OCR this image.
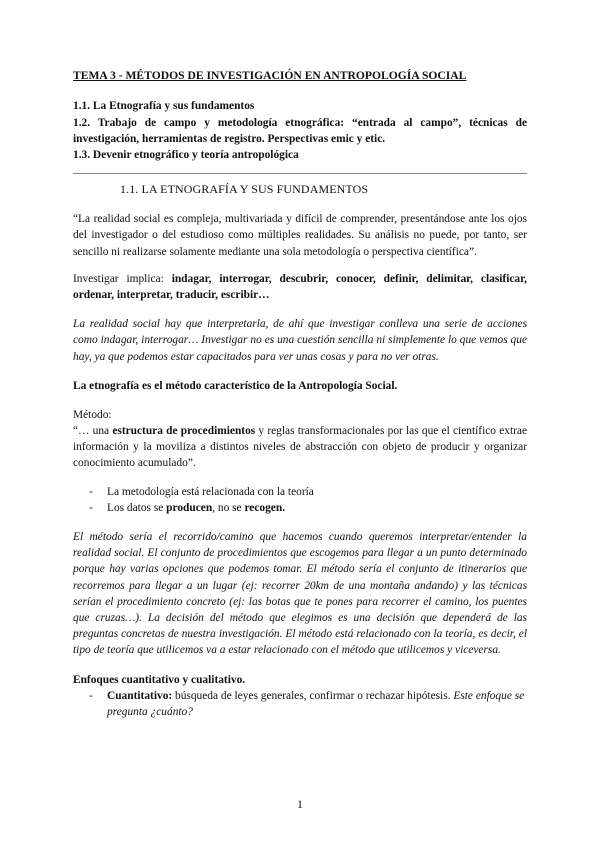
TEMA 3 - MÉTODOS DE INVESTIGACIÓN EN ANTROPOLOGÍA SOCIAL

1.1. La Etnografía y sus fundamentos

1.2. Trabajo de campo y metodología etnográfica: “entrada al campo”, técnicas de investigación, herramientas de registro. Perspectivas emic y etic.

1.3. Devenir etnográfico y teoría antropológica

1.1. LA ETNOGRAFÍA Y SUS FUNDAMENTOS

“La realidad social es compleja, multivariada y difícil de comprender, presentándose ante los ojos del investigador o del estudioso como múltiples realidades. Su análisis no puede, por tanto, ser sencillo ni realizarse solamente mediante una sola metodología o perspectiva científica”.

Investigar implica: indagar, interrogar, descubrir, conocer, definir, delimitar, clasificar, ordenar, interpretar, traducir, escribir…

La realidad social hay que interpretarla, de ahí que investigar conlleva una serie de acciones como indagar, interrogar… Investigar no es una cuestión sencilla ni simplemente lo que vemos que hay, ya que podemos estar capacitados para ver unas cosas y para no ver otras.

La etnografía es el método característico de la Antropología Social.

Método:

“… una estructura de procedimientos y reglas transformacionales por las que el científico extrae información y la moviliza a distintos niveles de abstracción con objeto de producir y organizar conocimiento acumulado”.

- La metodología está relacionada con la teoría
- Los datos se producen, no se recogen.

El método sería el recorrido/camino que hacemos cuando queremos interpretar/entender la realidad social. El conjunto de procedimientos que escogemos para llegar a un punto determinado porque hay varias opciones que podemos tomar. El método sería el conjunto de itinerarios que recorremos para llegar a un lugar (ej: recorrer 20km de una montaña andando) y las técnicas serían el procedimiento concreto (ej: las botas que te pones para recorrer el camino, los puentes que cruzas…). La decisión del método que elegimos es una decisión que dependerá de las preguntas concretas de nuestra investigación. El método está relacionado con la teoría, es decir, el tipo de teoría que utilicemos va a estar relacionado con el método que utilicemos y viceversa.

Enfoques cuantitativo y cualitativo.

- Cuantitativo: búsqueda de leyes generales, confirmar o rechazar hipótesis. Este enfoque se pregunta ¿cuánto?
1
